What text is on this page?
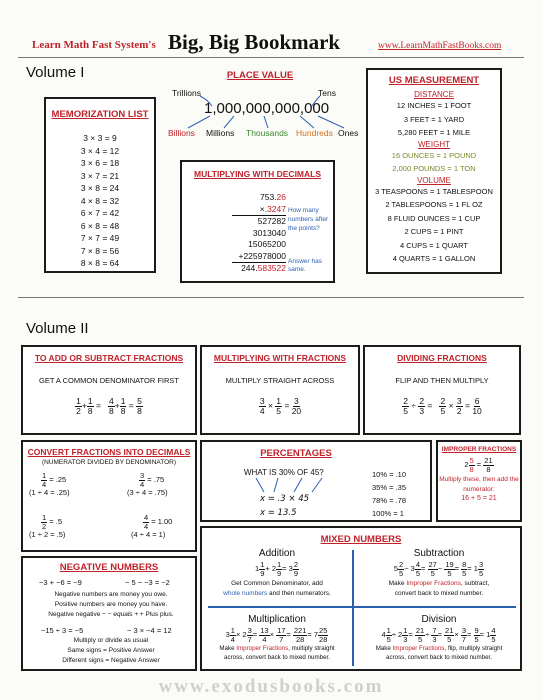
Learn Math Fast System's Big, Big Bookmark	www.LearnMathFastBooks.com
Volume I
MEMORIZATION LIST
3 × 3 = 9
3 × 4 = 12
3 × 6 = 18
3 × 7 = 21
3 × 8 = 24
4 × 8 = 32
6 × 7 = 42
6 × 8 = 48
7 × 7 = 49
7 × 8 = 56
8 × 8 = 64
PLACE VALUE
Trillions	Tens
1,000,000,000,000
Billions Millions Thousands Hundreds Ones
MULTIPLYING WITH DECIMALS
753.26
×.3247
527282
3013040
15065200
+225978000
244.583522
How many numbers after the points?
Answer has same.
US MEASUREMENT
DISTANCE
12 INCHES = 1 FOOT
3 FEET = 1 YARD
5,280 FEET = 1 MILE
WEIGHT
16 OUNCES = 1 POUND
2,000 POUNDS = 1 TON
VOLUME
3 TEASPOONS = 1 TABLESPOON
2 TABLESPOONS = 1 FL OZ
8 FLUID OUNCES = 1 CUP
2 CUPS = 1 PINT
4 CUPS = 1 QUART
4 QUARTS = 1 GALLON
Volume II
TO ADD OR SUBTRACT FRACTIONS
GET A COMMON DENOMINATOR FIRST
$\frac{1}{2} + \frac{1}{8} = \frac{4}{8} + \frac{1}{8} = \frac{5}{8}$
MULTIPLYING WITH FRACTIONS
MULTIPLY STRAIGHT ACROSS
$\frac{3}{4} \times \frac{1}{5} = \frac{3}{20}$
DIVIDING FRACTIONS
FLIP AND THEN MULTIPLY
$\frac{2}{5} \div \frac{2}{3} = \frac{2}{5} \times \frac{3}{2} = \frac{6}{10}$
CONVERT FRACTIONS INTO DECIMALS
(NUMERATOR DIVIDED BY DENOMINATOR)
$\frac{1}{4} = .25$
(1 ÷ 4 = .25)
$\frac{3}{4} = .75$
(3 ÷ 4 = .75)
$\frac{1}{2} = .5$
(1 ÷ 2 = .5)
$\frac{4}{4} = 1.00$
(4 ÷ 4 = 1)
PERCENTAGES
WHAT IS 30% OF 45?
x = .3 × 45
x = 13.5
10% = .10
35% = .35
78% = .78
100% = 1
IMPROPER FRACTIONS
$2 \frac{5}{8} = \frac{21}{8}$
Multiply these, then add the numerator:
16 + 5 = 21
NEGATIVE NUMBERS
−3 + −6 = −9	− 5 − −3 = −2
Negative numbers are money you owe.
Positive numbers are money you have.
Negative negative − − equals + + Plus plus.
−15 ÷ 3 = −5	− 3 × −4 = 12
Multiply or divide as usual
Same signs = Positive Answer
Different signs = Negative Answer
MIXED NUMBERS
Addition
$1 \frac{1}{9} + 2 \frac{1}{9} = 3 \frac{2}{9}$
Get Common Denominator, add
whole numbers and then numerators.
Subtraction
$5 \frac{2}{5} - 3 \frac{4}{5} = \frac{27}{5} - \frac{19}{5} = \frac{8}{5} = 1 \frac{3}{5}$
Make Improper Fractions, subtract,
convert back to mixed number.
Multiplication
$3 \frac{1}{4} \times 2 \frac{3}{7} = \frac{13}{4} \times \frac{17}{7} = \frac{221}{28} = 7 \frac{25}{28}$
Make Improper Fractions, multiply straight
across, convert back to mixed number.
Division
$4 \frac{1}{5} \div 2 \frac{1}{3} = \frac{21}{5} \div \frac{7}{3} = \frac{21}{5} \times \frac{3}{7} = \frac{9}{5} = 1 \frac{4}{5}$
Make Improper Fractions, flip, multiply straight
across, convert back to mixed number.
www.exodusbooks.com
